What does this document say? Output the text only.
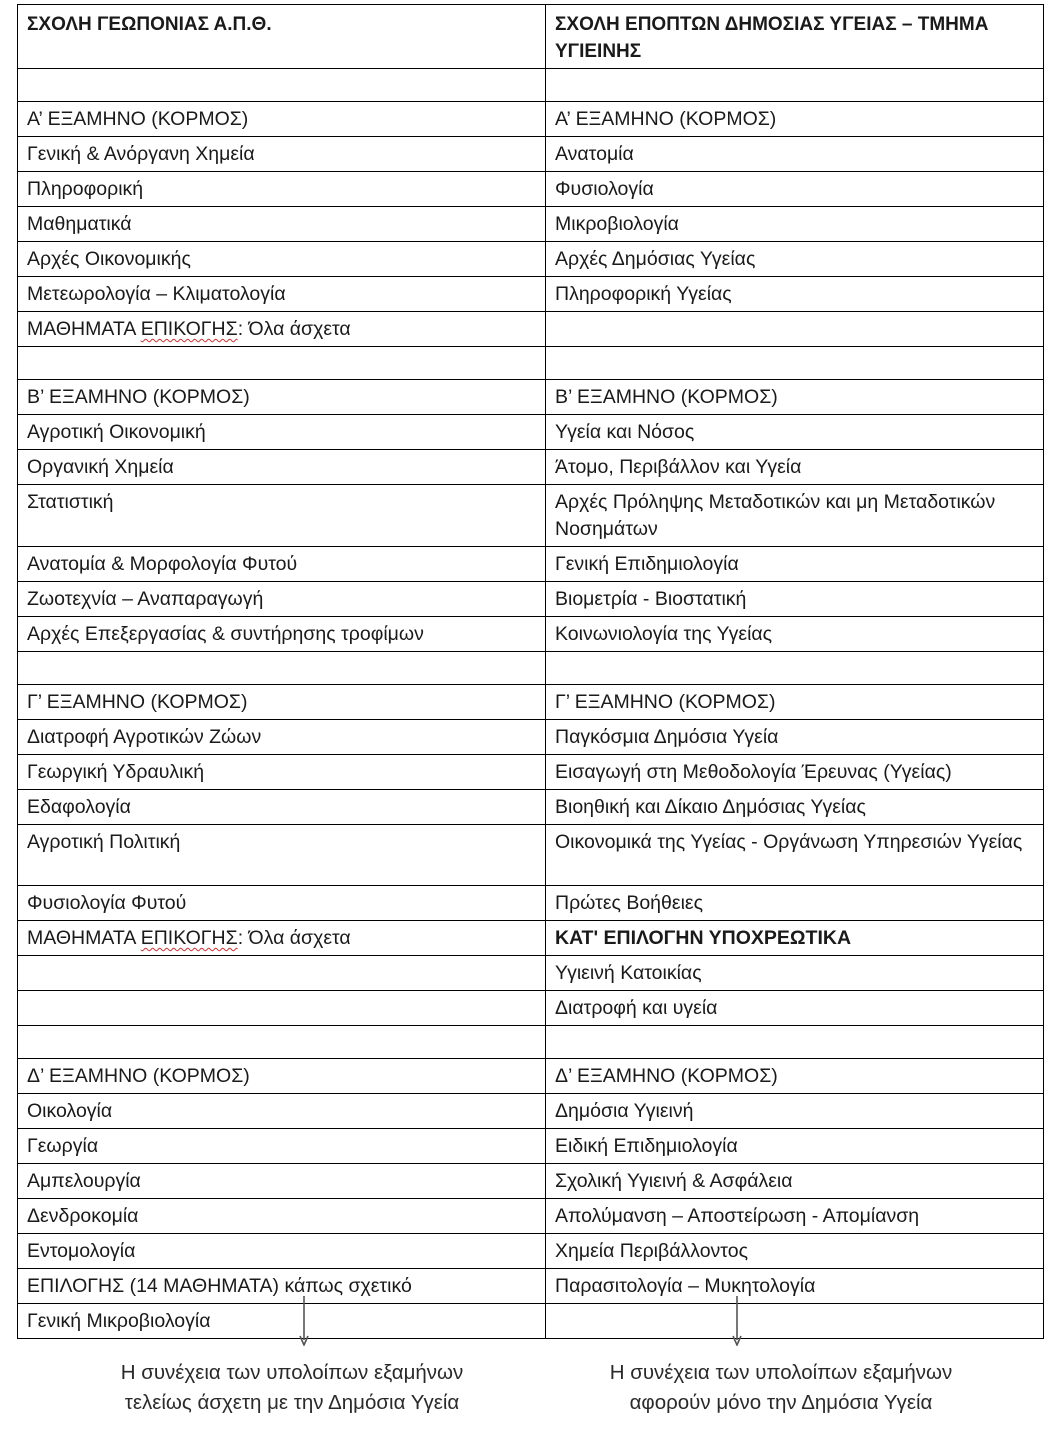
ΣΧΟΛΗ ΓΕΩΠΟΝΙΑΣ Α.Π.Θ.	ΣΧΟΛΗ ΕΠΟΠΤΩΝ ΔΗΜΟΣΙΑΣ ΥΓΕΙΑΣ – ΤΜΗΜΑ ΥΓΙΕΙΝΗΣ

Α’ ΕΞΑΜΗΝΟ (ΚΟΡΜΟΣ)	Α’ ΕΞΑΜΗΝΟ (ΚΟΡΜΟΣ)
Γενική & Ανόργανη Χημεία	Ανατομία
Πληροφορική	Φυσιολογία
Μαθηματικά	Μικροβιολογία
Αρχές Οικονομικής	Αρχές Δημόσιας Υγείας
Μετεωρολογία – Κλιματολογία	Πληροφορική Υγείας
ΜΑΘΗΜΑΤΑ ΕΠΙΚΟΓΗΣ: Όλα άσχετα	

Β’ ΕΞΑΜΗΝΟ (ΚΟΡΜΟΣ)	Β’ ΕΞΑΜΗΝΟ (ΚΟΡΜΟΣ)
Αγροτική Οικονομική	Υγεία και Νόσος
Οργανική Χημεία	Άτομο, Περιβάλλον και Υγεία
Στατιστική	Αρχές Πρόληψης Μεταδοτικών και μη Μεταδοτικών Νοσημάτων
Ανατομία & Μορφολογία Φυτού	Γενική Επιδημιολογία
Ζωοτεχνία – Αναπαραγωγή	Βιομετρία - Βιοστατική
Αρχές Επεξεργασίας & συντήρησης τροφίμων	Κοινωνιολογία της Υγείας

Γ’ ΕΞΑΜΗΝΟ (ΚΟΡΜΟΣ)	Γ’ ΕΞΑΜΗΝΟ (ΚΟΡΜΟΣ)
Διατροφή Αγροτικών Ζώων	Παγκόσμια Δημόσια Υγεία
Γεωργική Υδραυλική	Εισαγωγή στη Μεθοδολογία Έρευνας (Υγείας)
Εδαφολογία	Βιοηθική και Δίκαιο Δημόσιας Υγείας
Αγροτική Πολιτική	Οικονομικά της Υγείας - Οργάνωση Υπηρεσιών Υγείας
Φυσιολογία Φυτού	Πρώτες Βοήθειες
ΜΑΘΗΜΑΤΑ ΕΠΙΚΟΓΗΣ: Όλα άσχετα	ΚΑΤ' ΕΠΙΛΟΓΗΝ ΥΠΟΧΡΕΩΤΙΚΑ
	Υγιεινή Κατοικίας
	Διατροφή και υγεία

Δ’ ΕΞΑΜΗΝΟ (ΚΟΡΜΟΣ)	Δ’ ΕΞΑΜΗΝΟ (ΚΟΡΜΟΣ)
Οικολογία	Δημόσια Υγιεινή
Γεωργία	Ειδική Επιδημιολογία
Αμπελουργία	Σχολική Υγιεινή & Ασφάλεια
Δενδροκομία	Απολύμανση – Αποστείρωση - Απομίανση
Εντομολογία	Χημεία Περιβάλλοντος
ΕΠΙΛΟΓΗΣ (14 ΜΑΘΗΜΑΤΑ) κάπως σχετικό	Παρασιτολογία – Μυκητολογία
Γενική Μικροβιολογία	
Η συνέχεια των υπολοίπων εξαμήνων
τελείως άσχετη με την Δημόσια Υγεία
Η συνέχεια των υπολοίπων εξαμήνων
αφορούν μόνο την Δημόσια Υγεία
